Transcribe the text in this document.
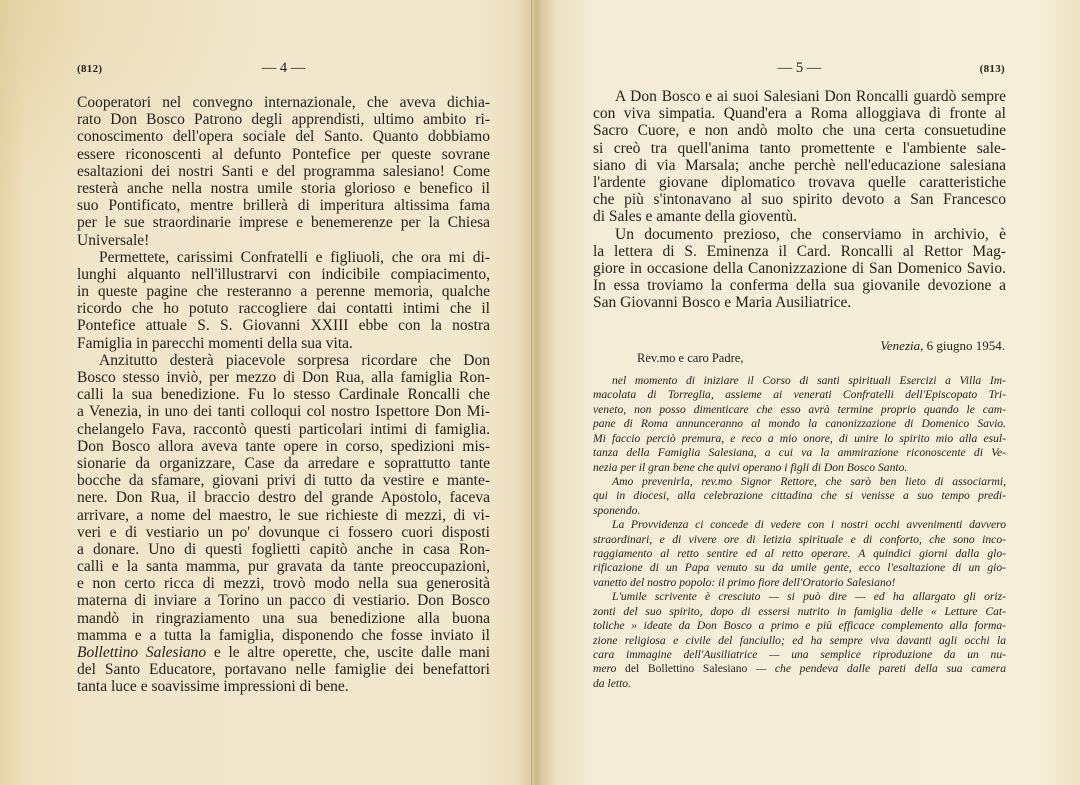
(812)	— 4 —
Cooperatori nel convegno internazionale, che aveva dichia-
rato Don Bosco Patrono degli apprendisti, ultimo ambito ri-
conoscimento dell'opera sociale del Santo. Quanto dobbiamo
essere riconoscenti al defunto Pontefice per queste sovrane
esaltazioni dei nostri Santi e del programma salesiano! Come
resterà anche nella nostra umile storia glorioso e benefico il
suo Pontificato, mentre brillerà di imperitura altissima fama
per le sue straordinarie imprese e benemerenze per la Chiesa
Universale!
Permettete, carissimi Confratelli e figliuoli, che ora mi di-
lunghi alquanto nell'illustrarvi con indicibile compiacimento,
in queste pagine che resteranno a perenne memoria, qualche
ricordo che ho potuto raccogliere dai contatti intimi che il
Pontefice attuale S. S. Giovanni XXIII ebbe con la nostra
Famiglia in parecchi momenti della sua vita.
Anzitutto desterà piacevole sorpresa ricordare che Don
Bosco stesso inviò, per mezzo di Don Rua, alla famiglia Ron-
calli la sua benedizione. Fu lo stesso Cardinale Roncalli che
a Venezia, in uno dei tanti colloqui col nostro Ispettore Don Mi-
chelangelo Fava, raccontò questi particolari intimi di famiglia.
Don Bosco allora aveva tante opere in corso, spedizioni mis-
sionarie da organizzare, Case da arredare e soprattutto tante
bocche da sfamare, giovani privi di tutto da vestire e mante-
nere. Don Rua, il braccio destro del grande Apostolo, faceva
arrivare, a nome del maestro, le sue richieste di mezzi, di vi-
veri e di vestiario un po' dovunque ci fossero cuori disposti
a donare. Uno di questi foglietti capitò anche in casa Ron-
calli e la santa mamma, pur gravata da tante preoccupazioni,
e non certo ricca di mezzi, trovò modo nella sua generosità
materna di inviare a Torino un pacco di vestiario. Don Bosco
mandò in ringraziamento una sua benedizione alla buona
mamma e a tutta la famiglia, disponendo che fosse inviato il
Bollettino Salesiano e le altre operette, che, uscite dalle mani
del Santo Educatore, portavano nelle famiglie dei benefattori
tanta luce e soavissime impressioni di bene.
— 5 —	(813)
A Don Bosco e ai suoi Salesiani Don Roncalli guardò sempre
con viva simpatia. Quand'era a Roma alloggiava di fronte al
Sacro Cuore, e non andò molto che una certa consuetudine
si creò tra quell'anima tanto promettente e l'ambiente sale-
siano di via Marsala; anche perchè nell'educazione salesiana
l'ardente giovane diplomatico trovava quelle caratteristiche
che più s'intonavano al suo spirito devoto a San Francesco
di Sales e amante della gioventù.
Un documento prezioso, che conserviamo in archivio, è
la lettera di S. Eminenza il Card. Roncalli al Rettor Mag-
giore in occasione della Canonizzazione di San Domenico Savio.
In essa troviamo la conferma della sua giovanile devozione a
San Giovanni Bosco e Maria Ausiliatrice.
Venezia, 6 giugno 1954.
Rev.mo e caro Padre,
nel momento di iniziare il Corso di santi spirituali Esercizi a Villa Im-
macolata di Torreglia, assieme ai venerati Confratelli dell'Episcopato Tri-
veneto, non posso dimenticare che esso avrà termine proprio quando le cam-
pane di Roma annunceranno al mondo la canonizzazione di Domenico Savio.
Mi faccio perciò premura, e reco a mio onore, di unire lo spirito mio alla esul-
tanza della Famiglia Salesiana, a cui va la ammirazione riconoscente di Ve-
nezia per il gran bene che quivi operano i figli di Don Bosco Santo.
Amo prevenirla, rev.mo Signor Rettore, che sarò ben lieto di associarmi,
qui in diocesi, alla celebrazione cittadina che si venisse a suo tempo predi-
sponendo.
La Provvidenza ci concede di vedere con i nostri occhi avvenimenti davvero
straordinari, e di vivere ore di letizia spirituale e di conforto, che sono inco-
raggiamento al retto sentire ed al retto operare. A quindici giorni dalla glo-
rificazione di un Papa venuto su da umile gente, ecco l'esaltazione di un gio-
vanetto del nostro popolo: il primo fiore dell'Oratorio Salesiano!
L'umile scrivente è cresciuto — si può dire — ed ha allargato gli oriz-
zonti del suo spirito, dopo di essersi nutrito in famiglia delle « Letture Cat-
toliche » ideate da Don Bosco a primo e più efficace complemento alla forma-
zione religiosa e civile del fanciullo; ed ha sempre viva davanti agli occhi la
cara immagine dell'Ausiliatrice — una semplice riproduzione da un nu-
mero del Bollettino Salesiano — che pendeva dalle pareti della sua camera
da letto.
